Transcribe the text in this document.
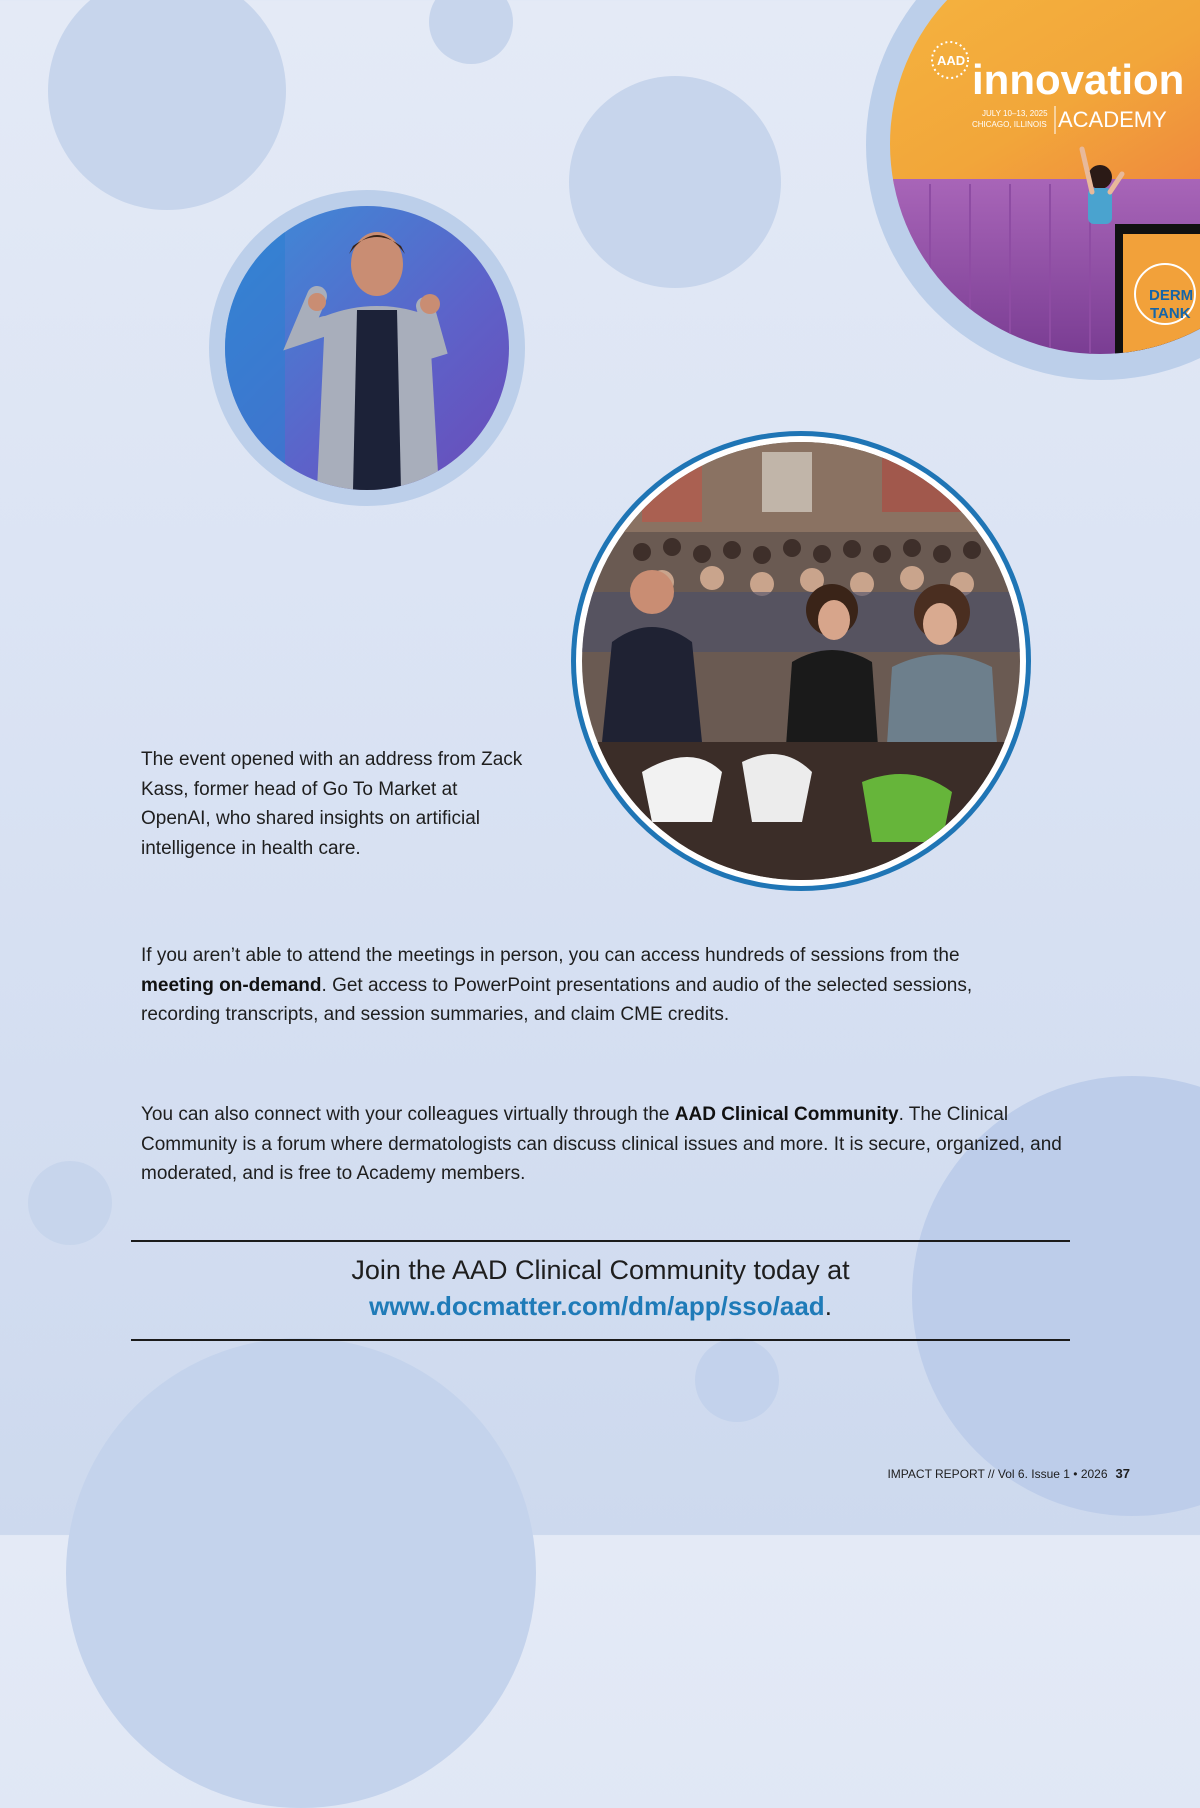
AAD innovation
ACADEMY
JULY 10–13, 2025
CHICAGO, ILLINOIS
DERM
TANK

The event opened with an address from Zack Kass, former head of Go To Market at OpenAI, who shared insights on artificial intelligence in health care.

If you aren’t able to attend the meetings in person, you can access hundreds of sessions from the meeting on-demand. Get access to PowerPoint presentations and audio of the selected sessions, recording transcripts, and session summaries, and claim CME credits.

You can also connect with your colleagues virtually through the AAD Clinical Community. The Clinical Community is a forum where dermatologists can discuss clinical issues and more. It is secure, organized, and moderated, and is free to Academy members.

Join the AAD Clinical Community today at
www.docmatter.com/dm/app/sso/aad.
IMPACT REPORT // Vol 6. Issue 1 • 2026 37
